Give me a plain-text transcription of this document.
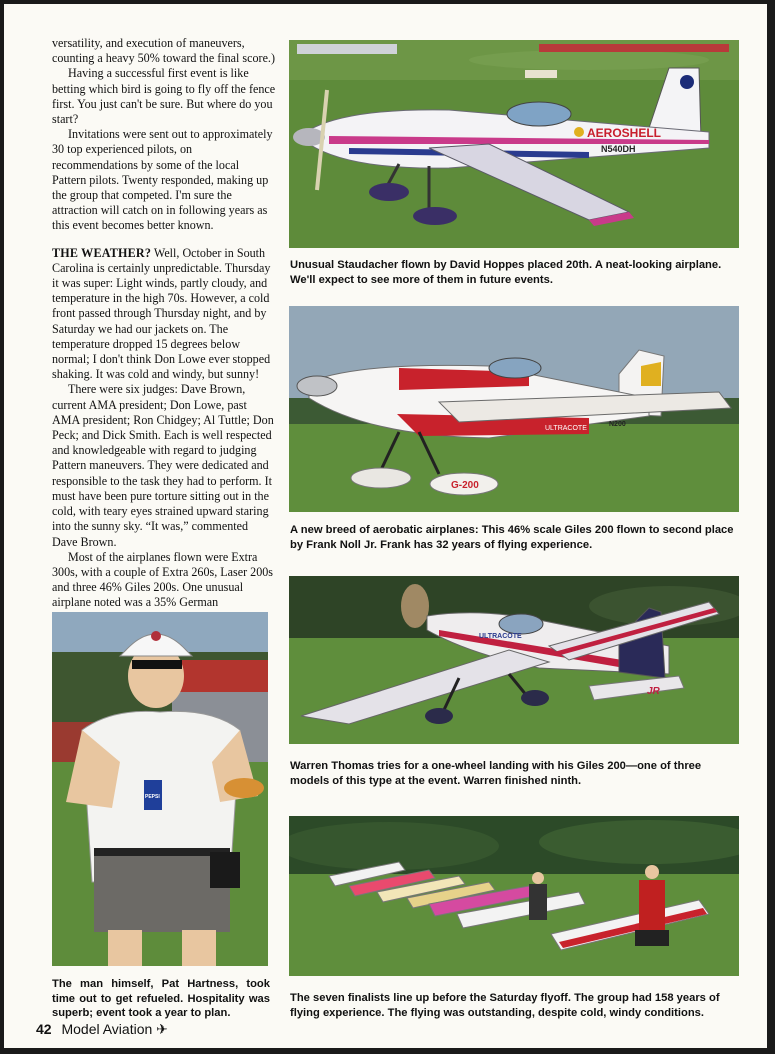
versatility, and execution of maneuvers, counting a heavy 50% toward the final score.)

Having a successful first event is like betting which bird is going to fly off the fence first. You just can't be sure. But where do you start?

Invitations were sent out to approximately 30 top experienced pilots, on recommendations by some of the local Pattern pilots. Twenty responded, making up the group that competed. I'm sure the attraction will catch on in following years as this event becomes better known.

THE WEATHER? Well, October in South Carolina is certainly unpredictable. Thursday it was super: Light winds, partly cloudy, and temperature in the high 70s. However, a cold front passed through Thursday night, and by Saturday we had our jackets on. The temperature dropped 15 degrees below normal; I don't think Don Lowe ever stopped shaking. It was cold and windy, but sunny!

There were six judges: Dave Brown, current AMA president; Don Lowe, past AMA president; Ron Chidgey; Al Tuttle; Don Peck; and Dick Smith. Each is well respected and knowledgeable with regard to judging Pattern maneuvers. They were dedicated and responsible to the task they had to perform. It must have been pure torture sitting out in the cold, with teary eyes strained upward staring into the sunny sky. “It was,” commented Dave Brown.

Most of the airplanes flown were Extra 300s, with a couple of Extra 260s, Laser 200s and three 46% Giles 200s. One unusual airplane noted was a 35% German

AEROSHELL
N540DH
Unusual Staudacher flown by David Hoppes placed 20th. A neat-looking airplane. We'll expect to see more of them in future events.
G-200
ULTRACOTE
N200
A new breed of aerobatic airplanes: This 46% scale Giles 200 flown to second place by Frank Noll Jr. Frank has 32 years of flying experience.
ULTRACOTE
JR
Warren Thomas tries for a one-wheel landing with his Giles 200—one of three models of this type at the event. Warren finished ninth.
PEPSI
The man himself, Pat Hartness, took time out to get refueled. Hospitality was superb; event took a year to plan.
The seven finalists line up before the Saturday flyoff. The group had 158 years of flying experience. The flying was outstanding, despite cold, windy conditions.
42 Model Aviation ✈
